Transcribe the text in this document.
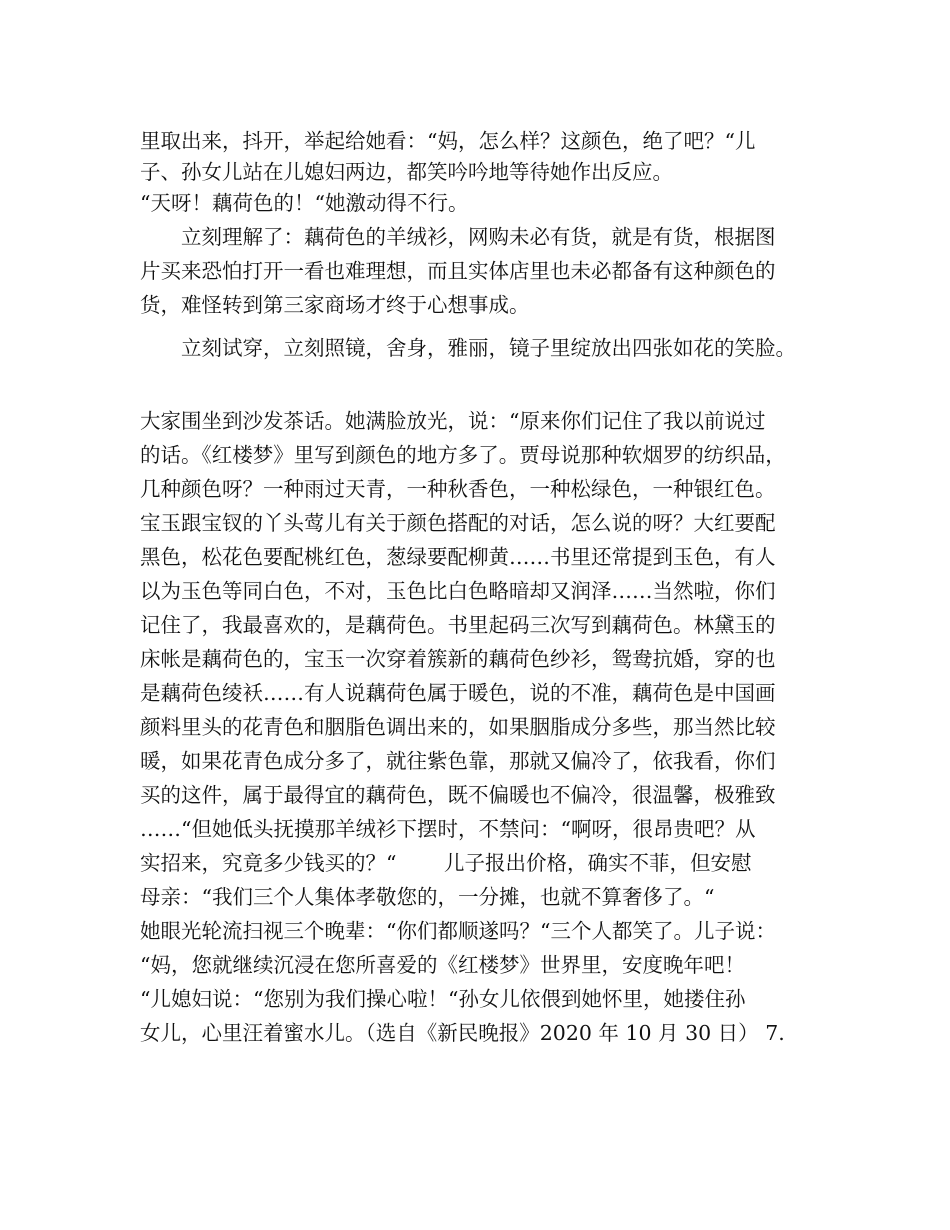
里取出来，抖开，举起给她看：“妈，怎么样？这颜色，绝了吧？“儿
子、孙女儿站在儿媳妇两边，都笑吟吟地等待她作出反应。
“天呀！藕荷色的！“她激动得不行。
　　立刻理解了：藕荷色的羊绒衫，网购未必有货，就是有货，根据图
片买来恐怕打开一看也难理想，而且实体店里也未必都备有这种颜色的
货，难怪转到第三家商场才终于心想事成。
　　立刻试穿，立刻照镜，舍身，雅丽，镜子里绽放出四张如花的笑脸。
大家围坐到沙发茶话。她满脸放光，说：“原来你们记住了我以前说过
的话。《红楼梦》里写到颜色的地方多了。贾母说那种软烟罗的纺织品，
几种颜色呀？一种雨过天青，一种秋香色，一种松绿色，一种银红色。
宝玉跟宝钗的丫头莺儿有关于颜色搭配的对话，怎么说的呀？大红要配
黑色，松花色要配桃红色，葱绿要配柳黄……书里还常提到玉色，有人
以为玉色等同白色，不对，玉色比白色略暗却又润泽……当然啦，你们
记住了，我最喜欢的，是藕荷色。书里起码三次写到藕荷色。林黛玉的
床帐是藕荷色的，宝玉一次穿着簇新的藕荷色纱衫，鸳鸯抗婚，穿的也
是藕荷色绫袄……有人说藕荷色属于暖色，说的不准，藕荷色是中国画
颜料里头的花青色和胭脂色调出来的，如果胭脂成分多些，那当然比较
暖，如果花青色成分多了，就往紫色靠，那就又偏冷了，依我看，你们
买的这件，属于最得宜的藕荷色，既不偏暖也不偏冷，很温馨，极雅致
……“但她低头抚摸那羊绒衫下摆时，不禁问：“啊呀，很昂贵吧？从
实招来，究竟多少钱买的？“　　 儿子报出价格，确实不菲，但安慰
母亲：“我们三个人集体孝敬您的，一分摊，也就不算奢侈了。“
她眼光轮流扫视三个晚辈：“你们都顺遂吗？“三个人都笑了。儿子说：
“妈，您就继续沉浸在您所喜爱的《红楼梦》世界里，安度晚年吧！
“儿媳妇说：“您别为我们操心啦！“孙女儿依偎到她怀里，她搂住孙
女儿，心里汪着蜜水儿。（选自《新民晚报》2020 年 10 月 30 日） 7.
